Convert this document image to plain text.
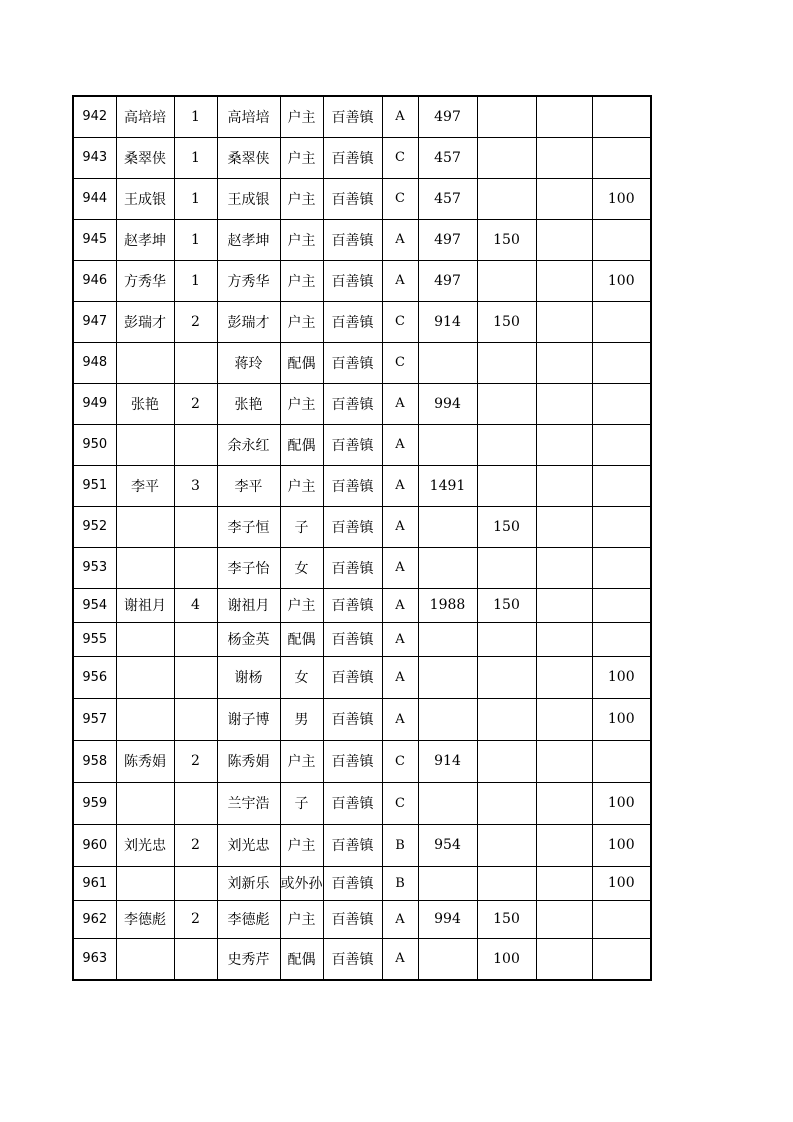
942	高培培	1	高培培	户主	百善镇	A	497			
943	桑翠侠	1	桑翠侠	户主	百善镇	C	457			
944	王成银	1	王成银	户主	百善镇	C	457			100
945	赵孝坤	1	赵孝坤	户主	百善镇	A	497	150		
946	方秀华	1	方秀华	户主	百善镇	A	497			100
947	彭瑞才	2	彭瑞才	户主	百善镇	C	914	150		
948			蒋玲	配偶	百善镇	C				
949	张艳	2	张艳	户主	百善镇	A	994			
950			余永红	配偶	百善镇	A				
951	李平	3	李平	户主	百善镇	A	1491			
952			李子恒	子	百善镇	A		150		
953			李子怡	女	百善镇	A				
954	谢祖月	4	谢祖月	户主	百善镇	A	1988	150		
955			杨金英	配偶	百善镇	A				
956			谢杨	女	百善镇	A				100
957			谢子博	男	百善镇	A				100
958	陈秀娟	2	陈秀娟	户主	百善镇	C	914			
959			兰宇浩	子	百善镇	C				100
960	刘光忠	2	刘光忠	户主	百善镇	B	954			100
961			刘新乐	或外孙	百善镇	B				100
962	李德彪	2	李德彪	户主	百善镇	A	994	150		
963			史秀芹	配偶	百善镇	A		100		
